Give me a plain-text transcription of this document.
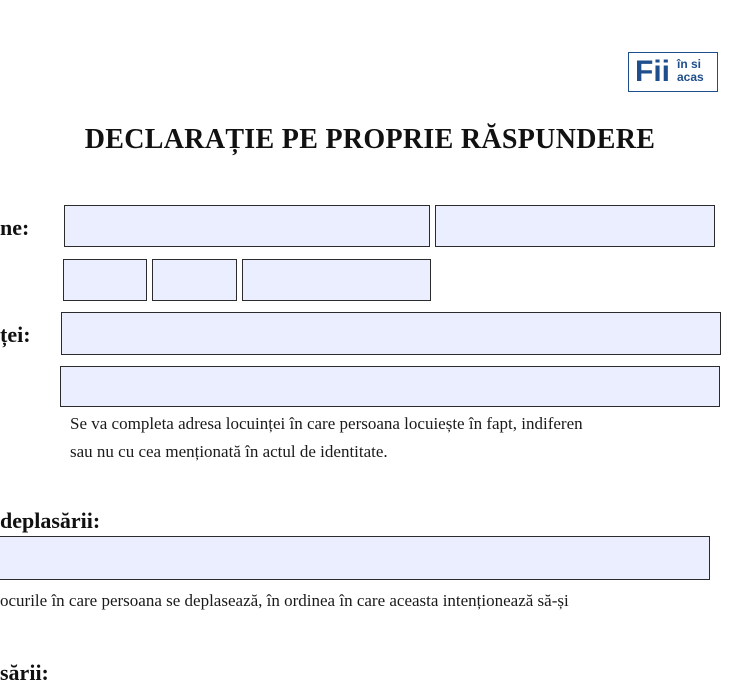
Fii în si
acas
DECLARAȚIE PE PROPRIE RĂSPUNDERE
ne:
ței:
Se va completa adresa locuinței în care persoana locuiește în fapt, indiferen
sau nu cu cea menționată în actul de identitate.
deplasării:
ocurile în care persoana se deplasează, în ordinea în care aceasta intenționează să-și
sării:
